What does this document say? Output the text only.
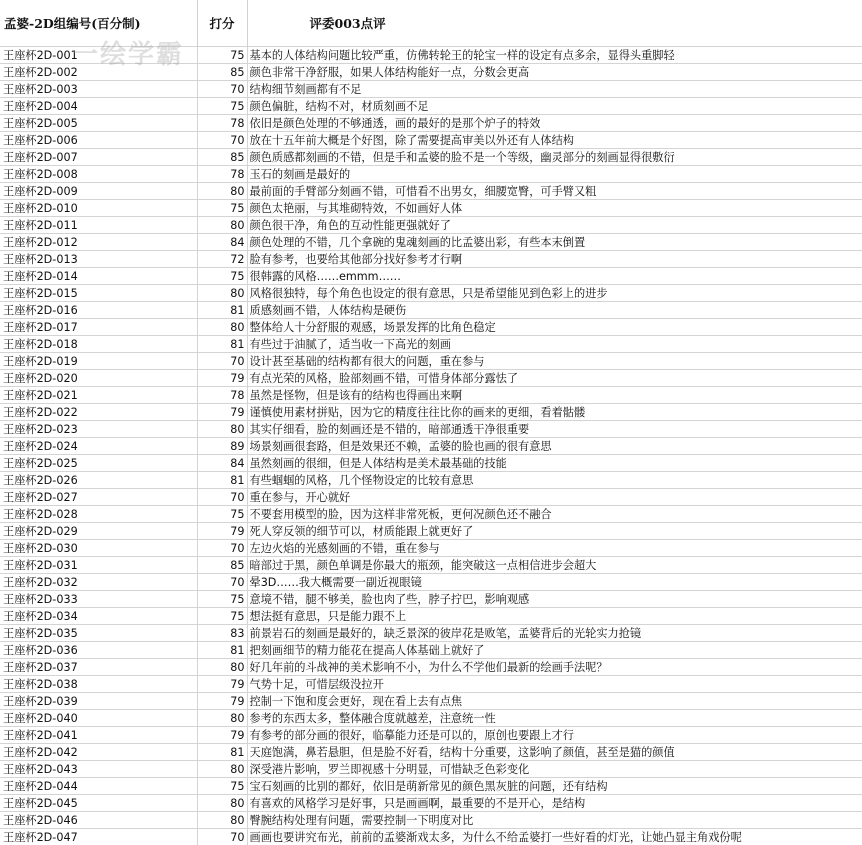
孟婆-2D组编号(百分制)	打分	评委003点评
王座杯2D-001	75	基本的人体结构问题比较严重，仿佛转轮王的轮宝一样的设定有点多余，显得头重脚轻
王座杯2D-002	85	颜色非常干净舒服，如果人体结构能好一点，分数会更高
王座杯2D-003	70	结构细节刻画都有不足
王座杯2D-004	75	颜色偏脏，结构不对，材质刻画不足
王座杯2D-005	78	依旧是颜色处理的不够通透，画的最好的是那个炉子的特效
王座杯2D-006	70	放在十五年前大概是个好图，除了需要提高审美以外还有人体结构
王座杯2D-007	85	颜色质感都刻画的不错，但是手和孟婆的脸不是一个等级，幽灵部分的刻画显得很敷衍
王座杯2D-008	78	玉石的刻画是最好的
王座杯2D-009	80	最前面的手臂部分刻画不错，可惜看不出男女，细腰宽臀，可手臂又粗
王座杯2D-010	75	颜色太艳丽，与其堆砌特效，不如画好人体
王座杯2D-011	80	颜色很干净，角色的互动性能更强就好了
王座杯2D-012	84	颜色处理的不错，几个拿碗的鬼魂刻画的比孟婆出彩，有些本末倒置
王座杯2D-013	72	脸有参考，也要给其他部分找好参考才行啊
王座杯2D-014	75	很韩露的风格……emmm……
王座杯2D-015	80	风格很独特，每个角色也设定的很有意思，只是希望能见到色彩上的进步
王座杯2D-016	81	质感刻画不错，人体结构是硬伤
王座杯2D-017	80	整体给人十分舒服的观感，场景发挥的比角色稳定
王座杯2D-018	81	有些过于油腻了，适当收一下高光的刻画
王座杯2D-019	70	设计甚至基础的结构都有很大的问题，重在参与
王座杯2D-020	79	有点光荣的风格，脸部刻画不错，可惜身体部分露怯了
王座杯2D-021	78	虽然是怪物，但是该有的结构也得画出来啊
王座杯2D-022	79	谨慎使用素材拼贴，因为它的精度往往比你的画来的更细，看着骷髅
王座杯2D-023	80	其实仔细看，脸的刻画还是不错的，暗部通透干净很重要
王座杯2D-024	89	场景刻画很套路，但是效果还不赖，孟婆的脸也画的很有意思
王座杯2D-025	84	虽然刻画的很细，但是人体结构是美术最基础的技能
王座杯2D-026	81	有些蝈蝈的风格，几个怪物设定的比较有意思
王座杯2D-027	70	重在参与，开心就好
王座杯2D-028	75	不要套用模型的脸，因为这样非常死板，更何况颜色还不融合
王座杯2D-029	79	死人穿反领的细节可以，材质能跟上就更好了
王座杯2D-030	70	左边火焰的光感刻画的不错，重在参与
王座杯2D-031	85	暗部过于黑，颜色单调是你最大的瓶颈，能突破这一点相信进步会超大
王座杯2D-032	70	晕3D……我大概需要一副近视眼镜
王座杯2D-033	75	意境不错，腿不够美，脸也肉了些，脖子拧巴，影响观感
王座杯2D-034	75	想法挺有意思，只是能力跟不上
王座杯2D-035	83	前景岩石的刻画是最好的，缺乏景深的彼岸花是败笔，孟婆背后的光轮实力抢镜
王座杯2D-036	81	把刻画细节的精力能花在提高人体基础上就好了
王座杯2D-037	80	好几年前的斗战神的美术影响不小，为什么不学他们最新的绘画手法呢？
王座杯2D-038	79	气势十足，可惜层级没拉开
王座杯2D-039	79	控制一下饱和度会更好，现在看上去有点焦
王座杯2D-040	80	参考的东西太多，整体融合度就越差，注意统一性
王座杯2D-041	79	有参考的部分画的很好，临摹能力还是可以的，原创也要跟上才行
王座杯2D-042	81	天庭饱满，鼻若悬胆，但是脸不好看，结构十分重要，这影响了颜值，甚至是猫的颜值
王座杯2D-043	80	深受港片影响，罗兰即视感十分明显，可惜缺乏色彩变化
王座杯2D-044	75	宝石刻画的比别的都好，依旧是萌新常见的颜色黑灰脏的问题，还有结构
王座杯2D-045	80	有喜欢的风格学习是好事，只是画画啊，最重要的不是开心，是结构
王座杯2D-046	80	臀腕结构处理有问题，需要控制一下明度对比
王座杯2D-047	70	画画也要讲究布光，前前的孟婆渐戏太多，为什么不给孟婆打一些好看的灯光，让她凸显主角戏份呢
一绘学霸
